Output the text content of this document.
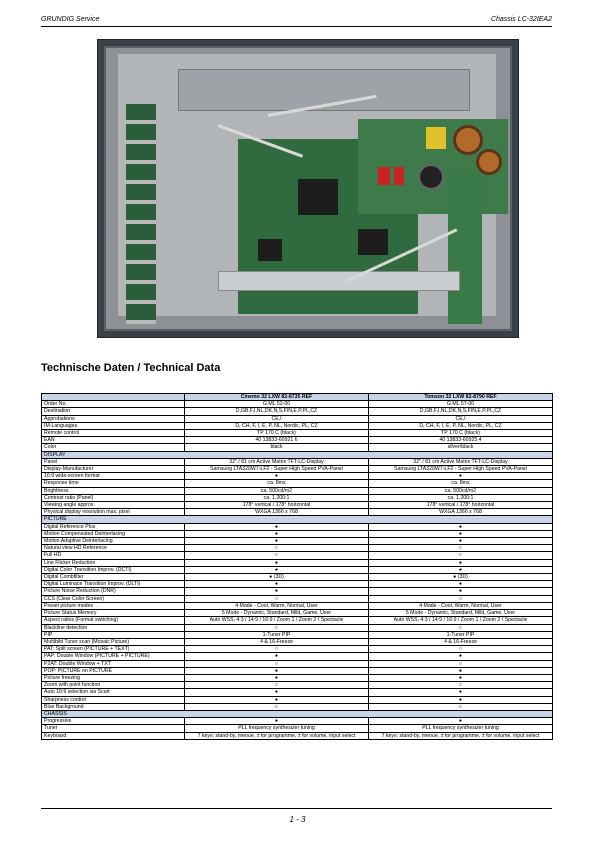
GRUNDIG Service	Chassis LC-32IEA2
Technische Daten / Technical Data
	Cinemo 32 LXW 82-8735 REF	Tomson 32 LXW 82-8790 REF
Order No.	G.ML 52-00	G.ML 57-00
Destination	D,GB,F,I,NL,DK,N,S,FIN,E,P,PL,CZ	D,GB,F,I,NL,DK,N,S,FIN,E,P,PL,CZ
Approbations	CE,I	CE,I
IM-Languages	D, CH, F, I, E, P, NL, Nordic, PL, CZ	D, CH, F, I, E, P, NL, Nordic, PL, CZ
Remote control	TP 170 C (black)	TP 170 C (black)
EAN	40 13833-60921 6	40 13833-60925 4
Color	black	silver/black
DISPLAY		
Panel	32" / 81 cm Active Matrix TFT-LC-Display	32" / 81 cm Active Matrix TFT-LC-Display
Display-Manufacturer	Samsung LTA320W7-LF2 - Super High Speed PVA-Panel	Samsung LTA320W7-LF2 - Super High Speed PVA-Panel
16:9 wide-screen format	●	●
Response time	ca. 8ms	ca. 8ms
Brightness	ca. 500cd/m2	ca. 500cd/m2
Contrast ratio (Panel)	ca. 1.200:1	ca. 1.200:1
Viewing angle approx.	178° vertical / 178° horizontal	178° vertical / 178° horizontal
Physical display resolution max. pixel	WXGA 1366 x 768	WXGA 1366 x 768
PICTURE		
Digital Reference Plus	●	●
Motion Compensated Deinterlacing	●	●
Motion Adaptive Deinterlacing	●	●
Natural view HD Reference	○	○
Full HD	○	○
Line Flicker Reduction	●	●
Digital Color Transition Improv. (DCTI)	●	●
Digital Combfilter	● (3D)	● (3D)
Digital Luminace Transition Improv. (DLTI)	●	●
Picture Noise Reduction (DNR)	●	●
CCS (Clear Color Screen)	○	○
Preset picture modes	4 Mode - Cool, Warm, Normal, User	4 Mode - Cool, Warm, Normal, User
Picture Status Memory	5 Mode - Dynamic, Standard, Mild, Game, User	5 Mode - Dynamic, Standard, Mild, Game, User
Aspect ratios (Format switching)	Auto WSS, 4:3 / 14:9 / 16:9 / Zoom 1 / Zoom 2 / Spectacle	Auto WSS, 4:3 / 14:9 / 16:9 / Zoom 1 / Zoom 2 / Spectacle
Blackline detection	○	○
PIP	1-Tuner PIP	1-Tuner PIP
Multibild Tuner scan (Mosaic Picture)	4 & 16-Freeze	4 & 16-Freeze
PAT: Split screen (PICTURE + TEXT)	○	○
PAP: Double Window (PICTURE + PICTURE)	●	●
P2AT: Double Window + TXT	○	○
POP: PICTURE on PICTURE	●	●
Picture freezing	●	●
Zoom with point function	○	○
Auto 16:9 selection via Scart	●	●
Sharpness control	●	●
Blue Background	○	○
CHASSIS		
Progressive	●	●
Tuner	PLL frequency synthesizer tuning	PLL frequency synthesizer tuning
Keyboard	7 keys: stand-by, menue, ± for programme, ± for volume, input select	7 keys: stand-by, menue, ± for programme, ± for volume, input select
1 - 3
